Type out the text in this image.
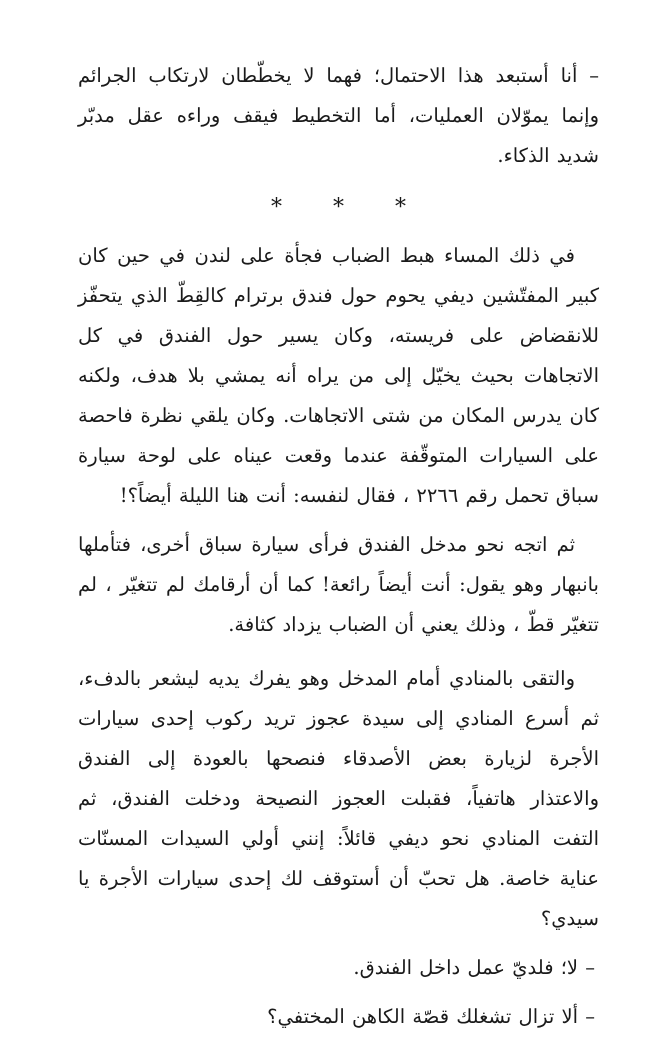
– أنا أستبعد هذا الاحتمال؛ فهما لا يخطّطان لارتكاب الجرائم وإنما يموّلان العمليات، أما التخطيط فيقف وراءه عقل مدبّر شديد الذكاء.

* * *

في ذلك المساء هبط الضباب فجأة على لندن في حين كان كبير المفتّشين ديفي يحوم حول فندق برترام كالقِطّ الذي يتحفّز للانقضاض على فريسته، وكان يسير حول الفندق في كل الاتجاهات بحيث يخيّل إلى من يراه أنه يمشي بلا هدف، ولكنه كان يدرس المكان من شتى الاتجاهات. وكان يلقي نظرة فاحصة على السيارات المتوقّفة عندما وقعت عيناه على لوحة سيارة سباق تحمل رقم ٢٢٦٦ ، فقال لنفسه: أنت هنا الليلة أيضاً؟!

ثم اتجه نحو مدخل الفندق فرأى سيارة سباق أخرى، فتأملها بانبهار وهو يقول: أنت أيضاً رائعة! كما أن أرقامك لم تتغيّر ، لم تتغيّر قطّ ، وذلك يعني أن الضباب يزداد كثافة.

والتقى بالمنادي أمام المدخل وهو يفرك يديه ليشعر بالدفء، ثم أسرع المنادي إلى سيدة عجوز تريد ركوب إحدى سيارات الأجرة لزيارة بعض الأصدقاء فنصحها بالعودة إلى الفندق والاعتذار هاتفياً، فقبلت العجوز النصيحة ودخلت الفندق، ثم التفت المنادي نحو ديفي قائلاً: إنني أولي السيدات المسنّات عناية خاصة. هل تحبّ أن أستوقف لك إحدى سيارات الأجرة يا سيدي؟

– لا؛ فلديّ عمل داخل الفندق.

– ألا تزال تشغلك قصّة الكاهن المختفي؟
